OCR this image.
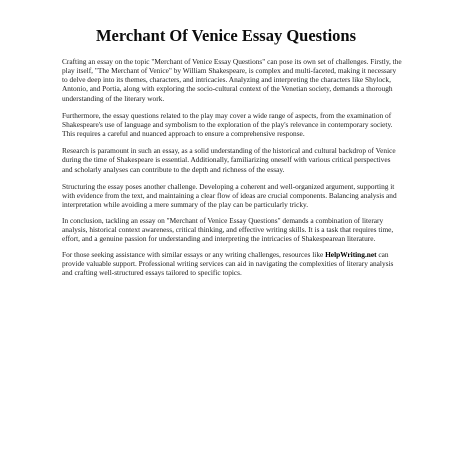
Merchant Of Venice Essay Questions

Crafting an essay on the topic "Merchant of Venice Essay Questions" can pose its own set of challenges. Firstly, the play itself, "The Merchant of Venice" by William Shakespeare, is complex and multi-faceted, making it necessary to delve deep into its themes, characters, and intricacies. Analyzing and interpreting the characters like Shylock, Antonio, and Portia, along with exploring the socio-cultural context of the Venetian society, demands a thorough understanding of the literary work.

Furthermore, the essay questions related to the play may cover a wide range of aspects, from the examination of Shakespeare's use of language and symbolism to the exploration of the play's relevance in contemporary society. This requires a careful and nuanced approach to ensure a comprehensive response.

Research is paramount in such an essay, as a solid understanding of the historical and cultural backdrop of Venice during the time of Shakespeare is essential. Additionally, familiarizing oneself with various critical perspectives and scholarly analyses can contribute to the depth and richness of the essay.

Structuring the essay poses another challenge. Developing a coherent and well-organized argument, supporting it with evidence from the text, and maintaining a clear flow of ideas are crucial components. Balancing analysis and interpretation while avoiding a mere summary of the play can be particularly tricky.

In conclusion, tackling an essay on "Merchant of Venice Essay Questions" demands a combination of literary analysis, historical context awareness, critical thinking, and effective writing skills. It is a task that requires time, effort, and a genuine passion for understanding and interpreting the intricacies of Shakespearean literature.

For those seeking assistance with similar essays or any writing challenges, resources like HelpWriting.net can provide valuable support. Professional writing services can aid in navigating the complexities of literary analysis and crafting well-structured essays tailored to specific topics.
